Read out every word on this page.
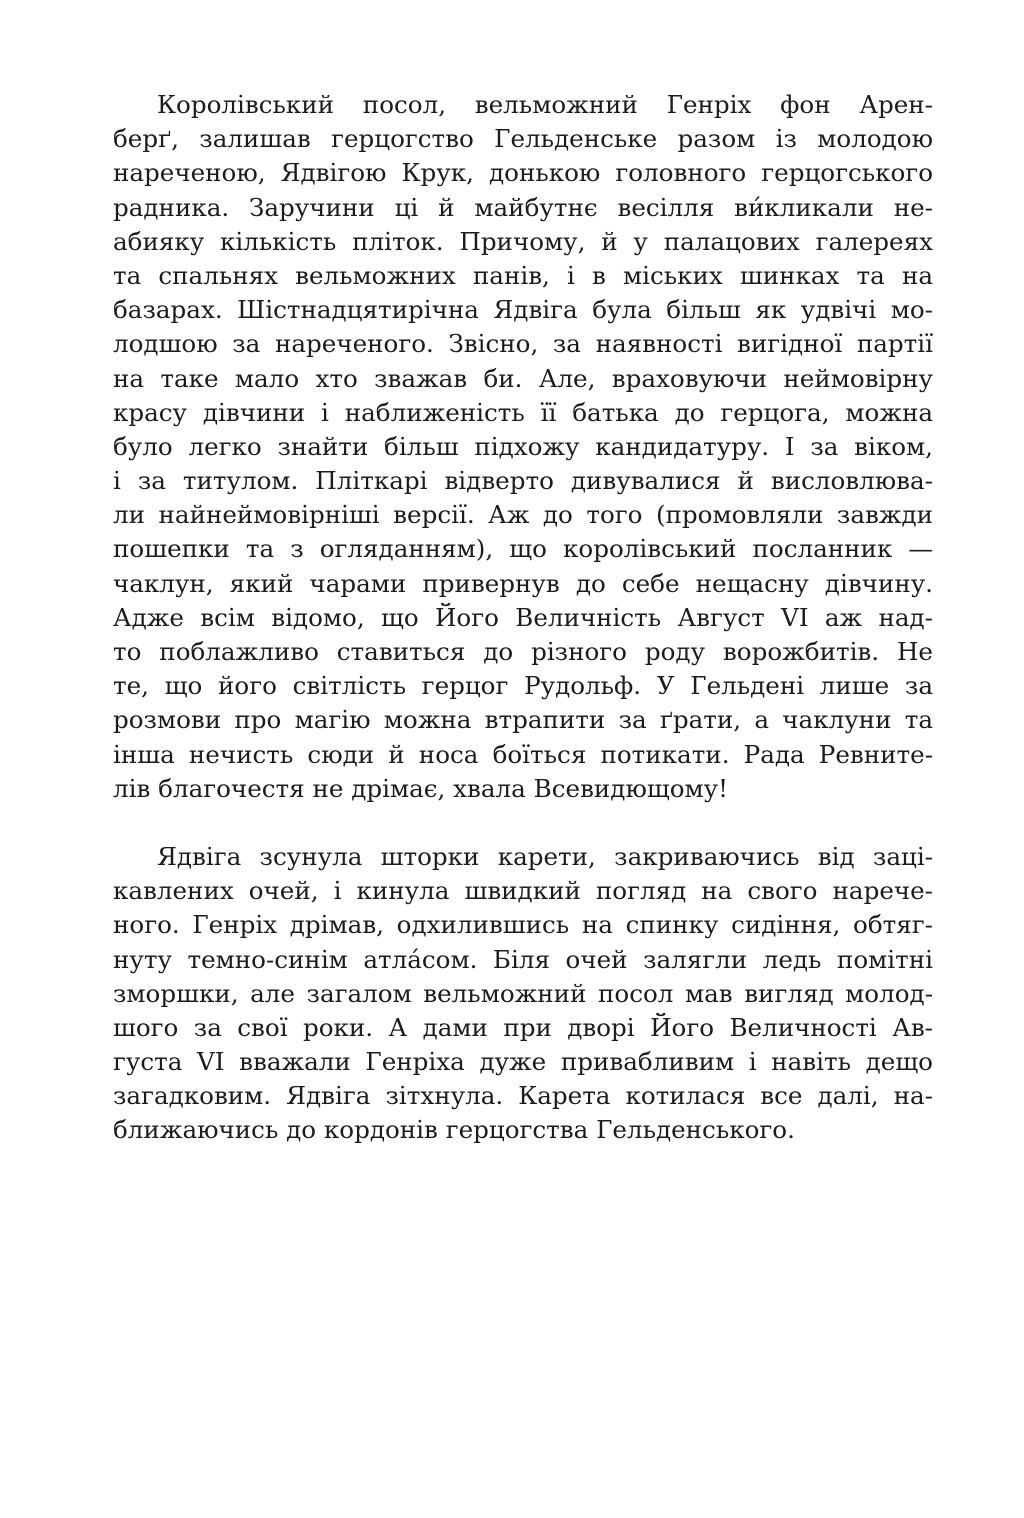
Королівський посол, вельможний Генріх фон Арен-
берґ, залишав герцогство Гельденське разом із молодою
нареченою, Ядвігою Крук, донькою головного герцогського
радника. Заручини ці й майбутнє весілля ви́кликали не-
абияку кількість пліток. Причому, й у палацових галереях
та спальнях вельможних панів, і в міських шинках та на
базарах. Шістнадцятирічна Ядвіга була більш як удвічі мо-
лодшою за нареченого. Звісно, за наявності вигідної партії
на таке мало хто зважав би. Але, враховуючи неймовірну
красу дівчини і наближеність її батька до герцога, можна
було легко знайти більш підхожу кандидатуру. І за віком,
і за титулом. Пліткарі відверто дивувалися й висловлюва-
ли найнеймовірніші версії. Аж до того (промовляли завжди
пошепки та з огляданням), що королівський посланник —
чаклун, який чарами привернув до себе нещасну дівчину.
Адже всім відомо, що Його Величність Август VI аж над-
то поблажливо ставиться до різного роду ворожбитів. Не
те, що його світлість герцог Рудольф. У Гельдені лише за
розмови про магію можна втрапити за ґрати, а чаклуни та
інша нечисть сюди й носа боїться потикати. Рада Ревните-
лів благочестя не дрімає, хвала Всевидющому!
Ядвіга зсунула шторки карети, закриваючись від заці-
кавлених очей, і кинула швидкий погляд на свого нарече-
ного. Генріх дрімав, одхилившись на спинку сидіння, обтяг-
нуту темно-синім атла́сом. Біля очей залягли ледь помітні
зморшки, але загалом вельможний посол мав вигляд молод-
шого за свої роки. А дами при дворі Його Величності Ав-
густа VI вважали Генріха дуже привабливим і навіть дещо
загадковим. Ядвіга зітхнула. Карета котилася все далі, на-
ближаючись до кордонів герцогства Гельденського.
